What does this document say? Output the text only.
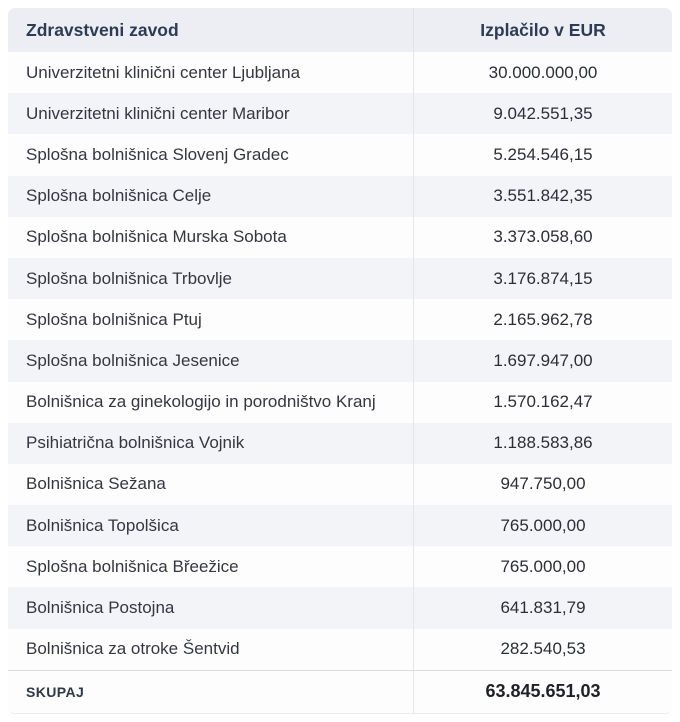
Zdravstveni zavod	Izplačilo v EUR
Univerzitetni klinični center Ljubljana	30.000.000,00
Univerzitetni klinični center Maribor	9.042.551,35
Splošna bolnišnica Slovenj Gradec	5.254.546,15
Splošna bolnišnica Celje	3.551.842,35
Splošna bolnišnica Murska Sobota	3.373.058,60
Splošna bolnišnica Trbovlje	3.176.874,15
Splošna bolnišnica Ptuj	2.165.962,78
Splošna bolnišnica Jesenice	1.697.947,00
Bolnišnica za ginekologijo in porodništvo Kranj	1.570.162,47
Psihiatrična bolnišnica Vojnik	1.188.583,86
Bolnišnica Sežana	947.750,00
Bolnišnica Topolšica	765.000,00
Splošna bolnišnica Břeežice	765.000,00
Bolnišnica Postojna	641.831,79
Bolnišnica za otroke Šentvid	282.540,53
SKUPAJ	63.845.651,03
